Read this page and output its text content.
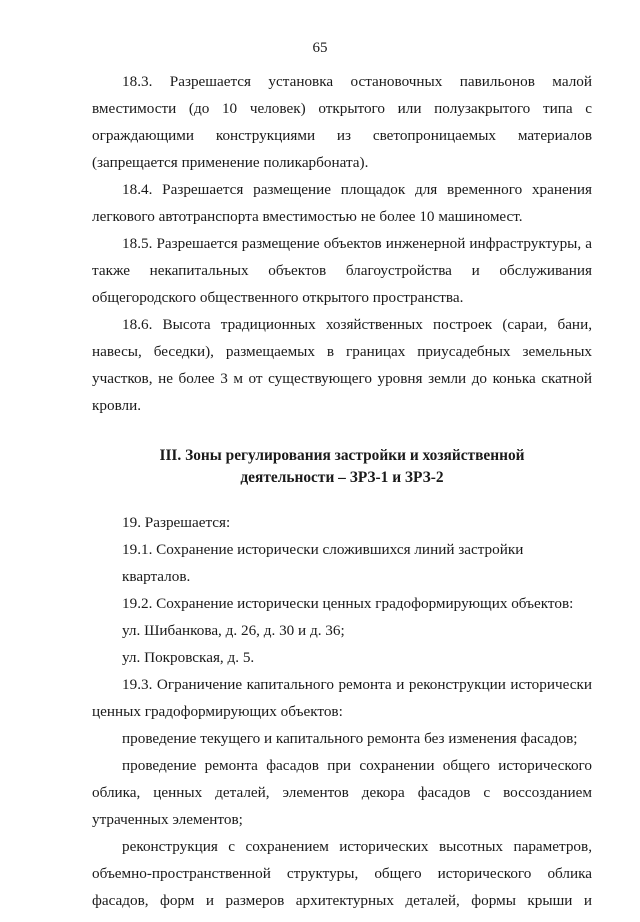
65
18.3. Разрешается установка остановочных павильонов малой
вместимости (до 10 человек) открытого или полузакрытого типа с
ограждающими конструкциями из светопроницаемых материалов
(запрещается применение поликарбоната).
18.4. Разрешается размещение площадок для временного хранения
легкового автотранспорта вместимостью не более 10 машиномест.
18.5. Разрешается размещение объектов инженерной инфраструктуры, а
также некапитальных объектов благоустройства и обслуживания
общегородского общественного открытого пространства.
18.6. Высота традиционных хозяйственных построек (сараи, бани,
навесы, беседки), размещаемых в границах приусадебных земельных
участков, не более 3 м от существующего уровня земли до конька скатной
кровли.
III. Зоны регулирования застройки и хозяйственной
деятельности – ЗРЗ-1 и ЗРЗ-2
19. Разрешается:
19.1. Сохранение исторически сложившихся линий застройки кварталов.
19.2. Сохранение исторически ценных градоформирующих объектов:
ул. Шибанкова, д. 26, д. 30 и д. 36;
ул. Покровская, д. 5.
19.3. Ограничение капитального ремонта и реконструкции исторически
ценных градоформирующих объектов:
проведение текущего и капитального ремонта без изменения фасадов;
проведение ремонта фасадов при сохранении общего исторического
облика, ценных деталей, элементов декора фасадов с воссозданием
утраченных элементов;
реконструкция с сохранением исторических высотных параметров,
объемно-пространственной структуры, общего исторического облика
фасадов, форм и размеров архитектурных деталей, формы крыши и
